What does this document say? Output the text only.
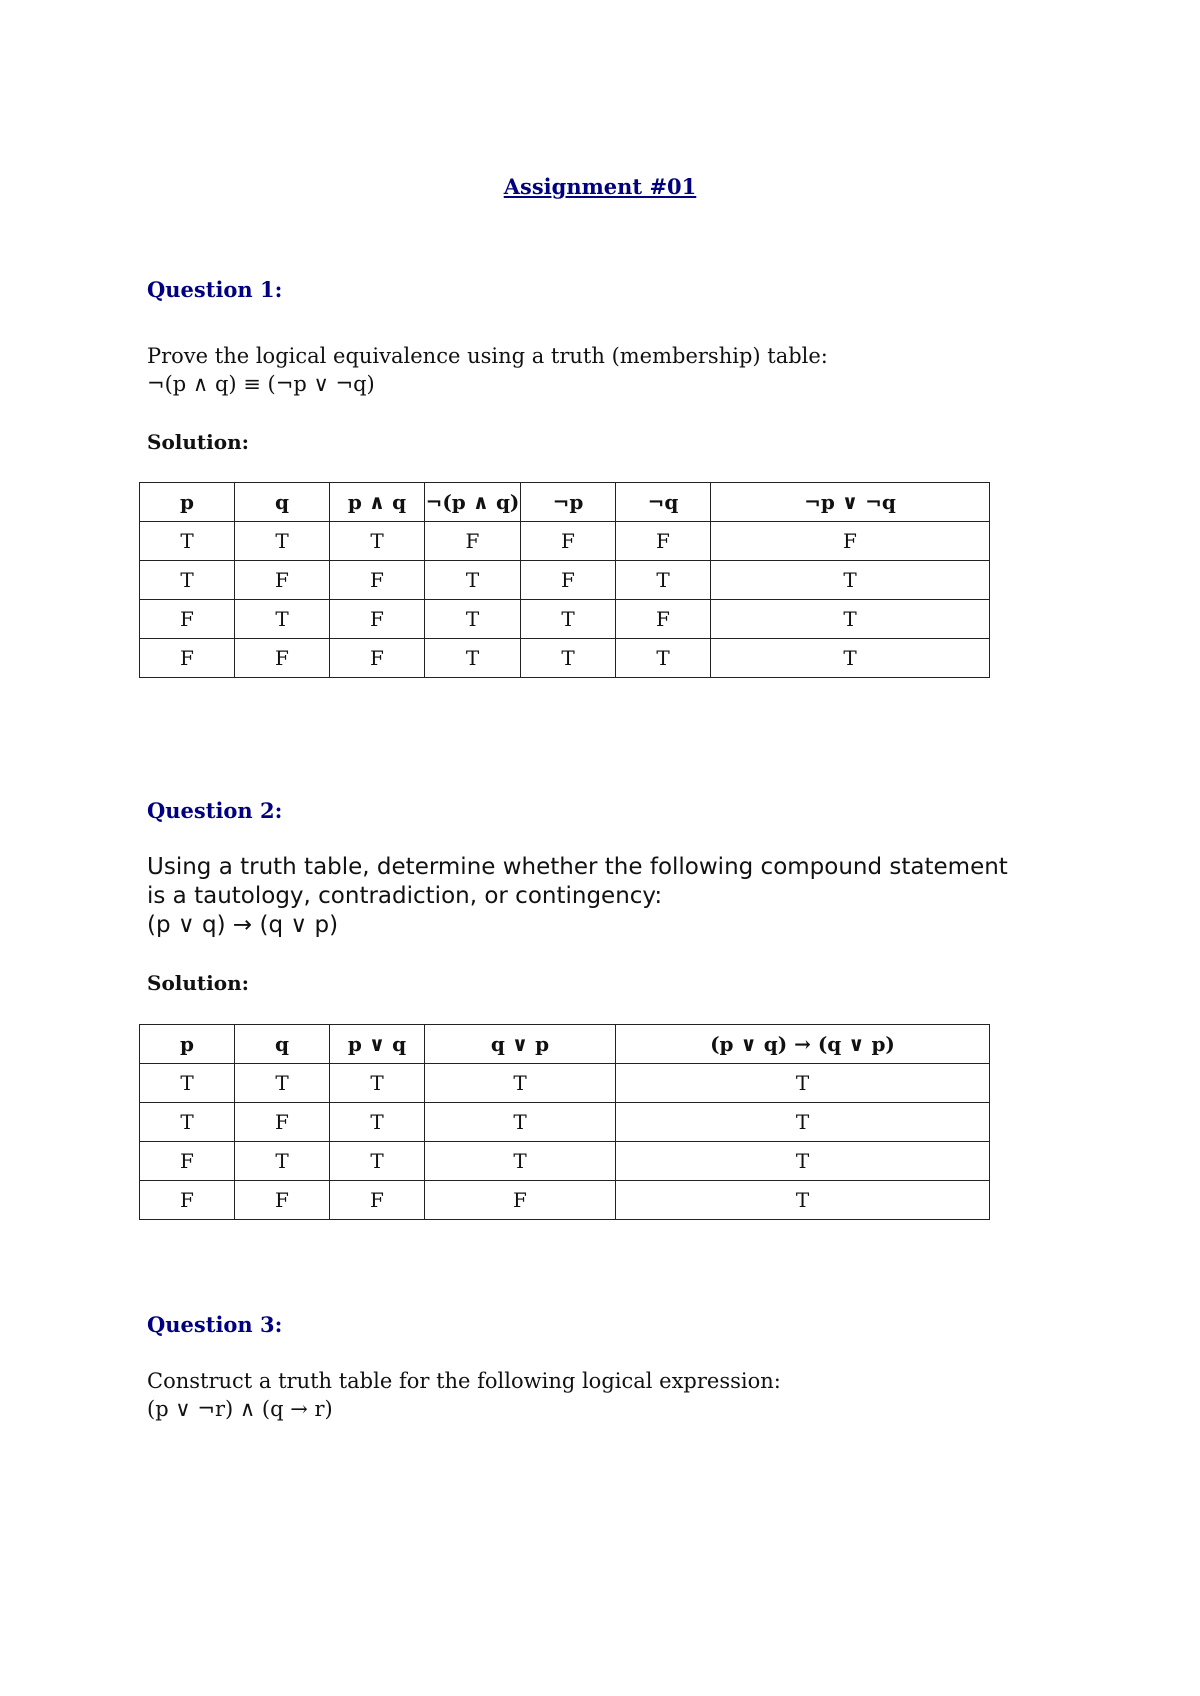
Assignment #01
Question 1:
Prove the logical equivalence using a truth (membership) table:
¬(p ∧ q) ≡ (¬p ∨ ¬q)
Solution:
p	q	p ∧ q	¬(p ∧ q)	¬p	¬q	¬p ∨ ¬q
T	T	T	F	F	F	F
T	F	F	T	F	T	T
F	T	F	T	T	F	T
F	F	F	T	T	T	T
Question 2:
Using a truth table, determine whether the following compound statement
is a tautology, contradiction, or contingency:
(p ∨ q) → (q ∨ p)
Solution:
p	q	p ∨ q	q ∨ p	(p ∨ q) → (q ∨ p)
T	T	T	T	T
T	F	T	T	T
F	T	T	T	T
F	F	F	F	T
Question 3:
Construct a truth table for the following logical expression:
(p ∨ ¬r) ∧ (q → r)
